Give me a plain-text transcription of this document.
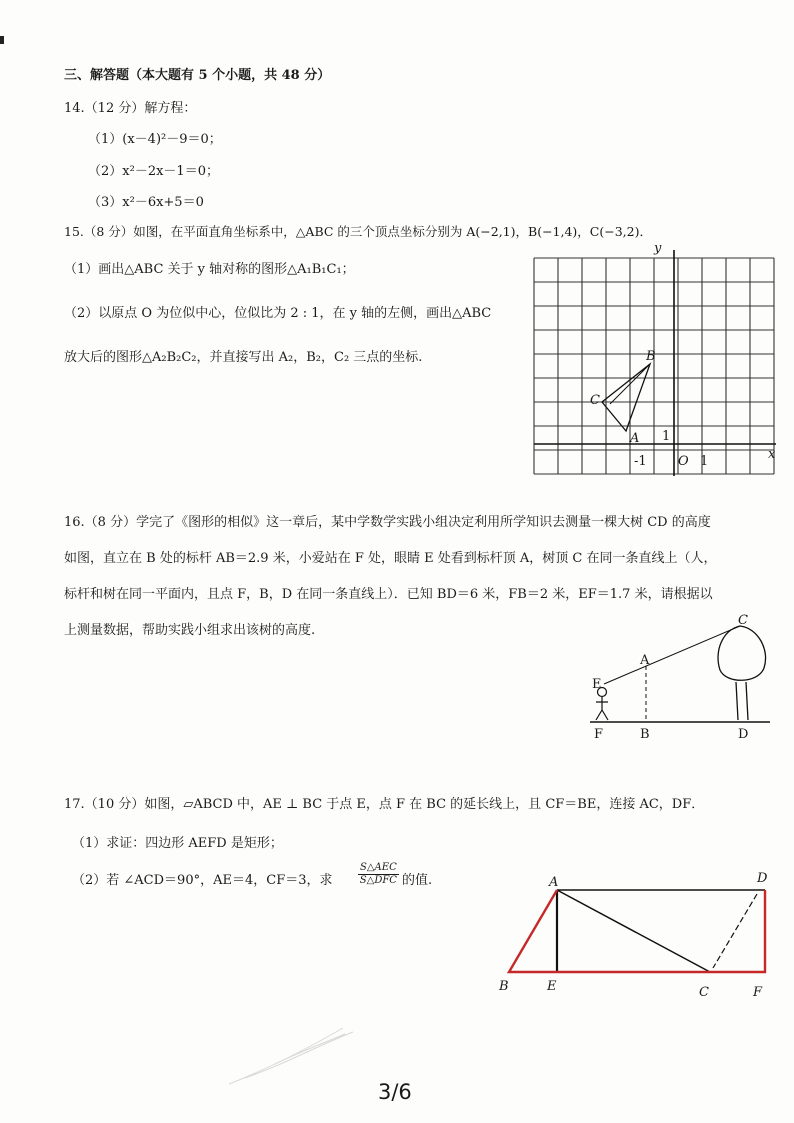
三、解答题（本大题有 5 个小题，共 48 分）
14.（12 分）解方程：
（1）(x－4)²－9＝0；
（2）x²－2x－1＝0；
（3）x²－6x+5＝0
15.（8 分）如图，在平面直角坐标系中，△ABC 的三个顶点坐标分别为 A(−2,1)，B(−1,4)，C(−3,2)．
（1）画出△ABC 关于 y 轴对称的图形△A₁B₁C₁；
（2）以原点 O 为位似中心，位似比为 2 : 1，在 y 轴的左侧，画出△ABC
放大后的图形△A₂B₂C₂，并直接写出 A₂，B₂，C₂ 三点的坐标.
y
x
B
C
A 1
-1 O 1
16.（8 分）学完了《图形的相似》这一章后，某中学数学实践小组决定利用所学知识去测量一棵大树 CD 的高度
如图，直立在 B 处的标杆 AB＝2.9 米，小爱站在 F 处，眼睛 E 处看到标杆顶 A，树顶 C 在同一条直线上（人，
标杆和树在同一平面内，且点 F，B，D 在同一条直线上）．已知 BD＝6 米，FB＝2 米，EF＝1.7 米，请根据以
上测量数据，帮助实践小组求出该树的高度.
C
A
E
F	B	D
17.（10 分）如图，▱ABCD 中，AE ⊥ BC 于点 E，点 F 在 BC 的延长线上，且 CF＝BE，连接 AC，DF．
（1）求证：四边形 AEFD 是矩形；
（2）若 ∠ACD＝90°，AE＝4，CF＝3，求
S△AEC
S△DFC 的值.	A	D
B	E	C	F
3/6
